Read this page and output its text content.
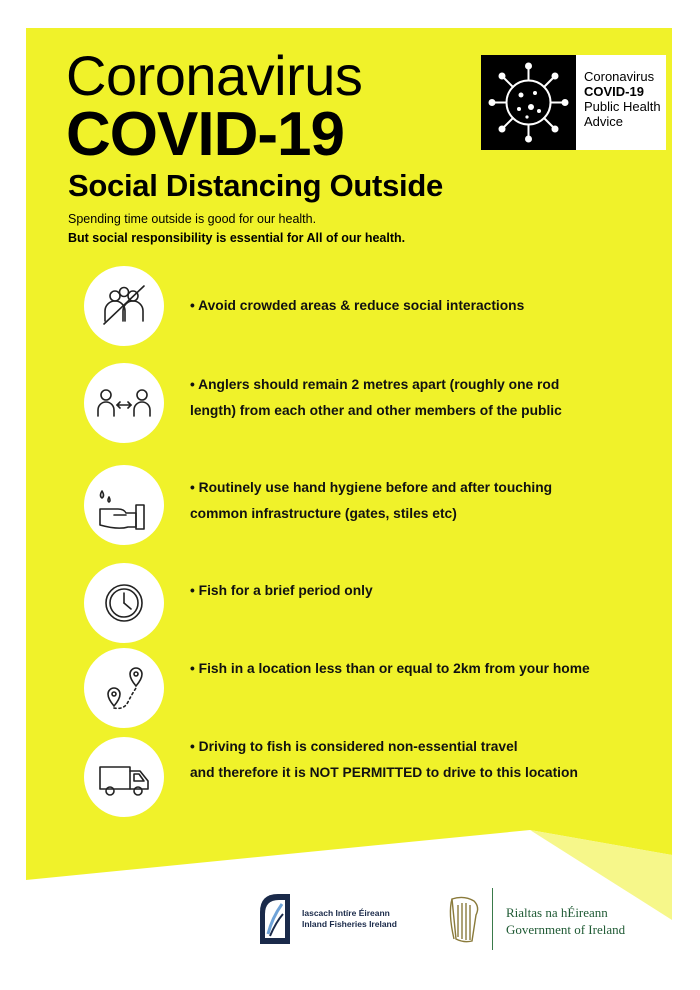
Coronavirus
COVID-19
Coronavirus
COVID-19
Public Health
Advice
Social Distancing Outside
Spending time outside is good for our health.
But social responsibility is essential for All of our health.
• Avoid crowded areas & reduce social interactions
• Anglers should remain 2 metres apart (roughly one rod
length) from each other and other members of the public
• Routinely use hand hygiene before and after touching
common infrastructure (gates, stiles etc)
• Fish for a brief period only
• Fish in a location less than or equal to 2km from your home
• Driving to fish is considered non-essential travel
and therefore it is NOT PERMITTED to drive to this location
Iascach Intíre Éireann
Inland Fisheries Ireland
Rialtas na hÉireann
Government of Ireland
